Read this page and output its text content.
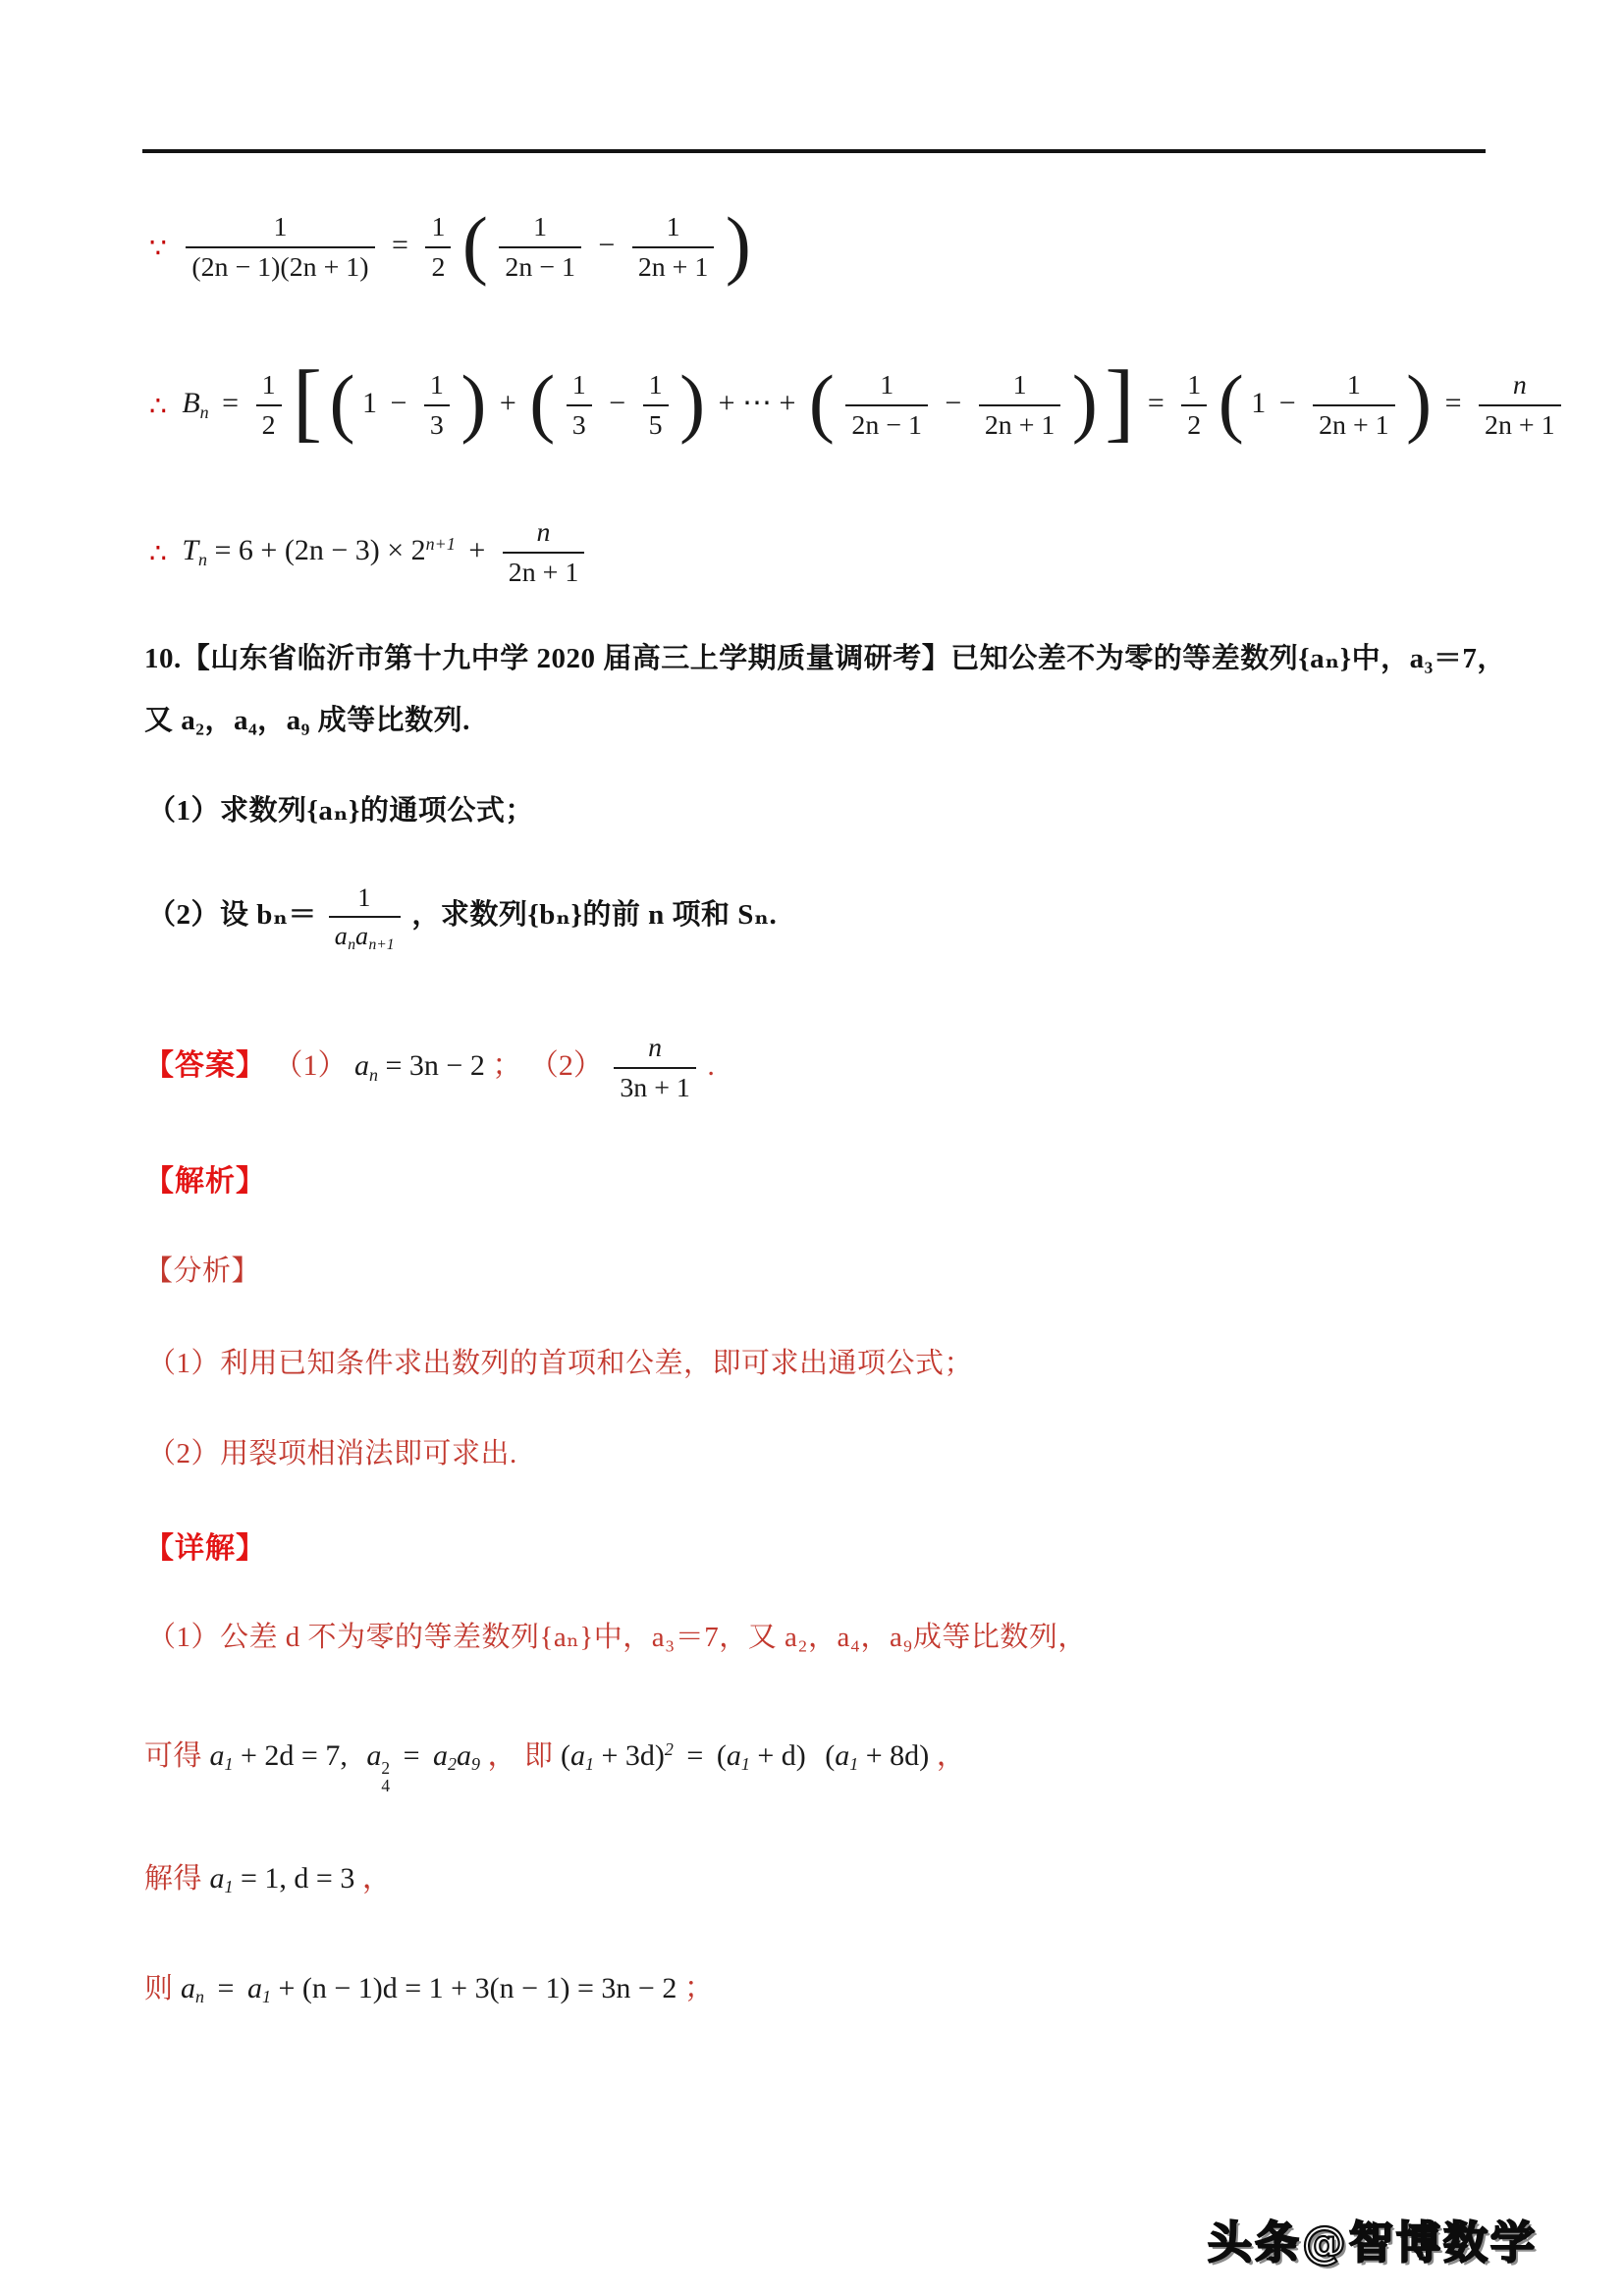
∵ $\frac{1}{(2n - 1)(2n + 1)} = \frac{1}{2}$ ( $\frac{1}{2n - 1} - \frac{1}{2n + 1}$ )
∴ $Bn = \frac{1}{2}$ [ ( $1 - \frac{1}{3}$ ) + ( $\frac{1}{3} - \frac{1}{5}$ ) + ⋯ + ( $\frac{1}{2n - 1} - \frac{1}{2n + 1}$ ) ] = $\frac{1}{2}$ ( $1 - \frac{1}{2n + 1}$ ) = $\frac{n}{2n + 1}$
∴ $Tn = 6 + (2n - 3) \times 2^{n+1} + \frac{n}{2n + 1}$
10.【山东省临沂市第十九中学 2020 届高三上学期质量调研考】已知公差不为零的等差数列{aₙ}中，a₃＝7，
又 a₂，a₄，a₉ 成等比数列.
（1）求数列{aₙ}的通项公式；
（2）设 $b_n= \frac{1}{\text{anan+1}}$ ，求数列{bₙ}的前 n 项和 Sₙ.
【答案】 （1） an = 3n − 2 ； $(2) \frac{n}{3n + 1}$ .
【解析】
【分析】
（1）利用已知条件求出数列的首项和公差，即可求出通项公式；
（2）用裂项相消法即可求出.
【详解】
（1）公差 d 不为零的等差数列{aₙ}中，a₃＝7，又 a₂，a₄，a₉成等比数列，
可得 a1 + 2d = 7, a 2
4
= a2a9 ， 即 $(a1 + 3d)^2 = (a1 + d)$ (a1 + 8d) ，
解得 a1 = 1, d = 3 ，
则 an = a1 + (n − 1)d = 1 + 3(n − 1) = 3n − 2 ；
头条@智博数学
